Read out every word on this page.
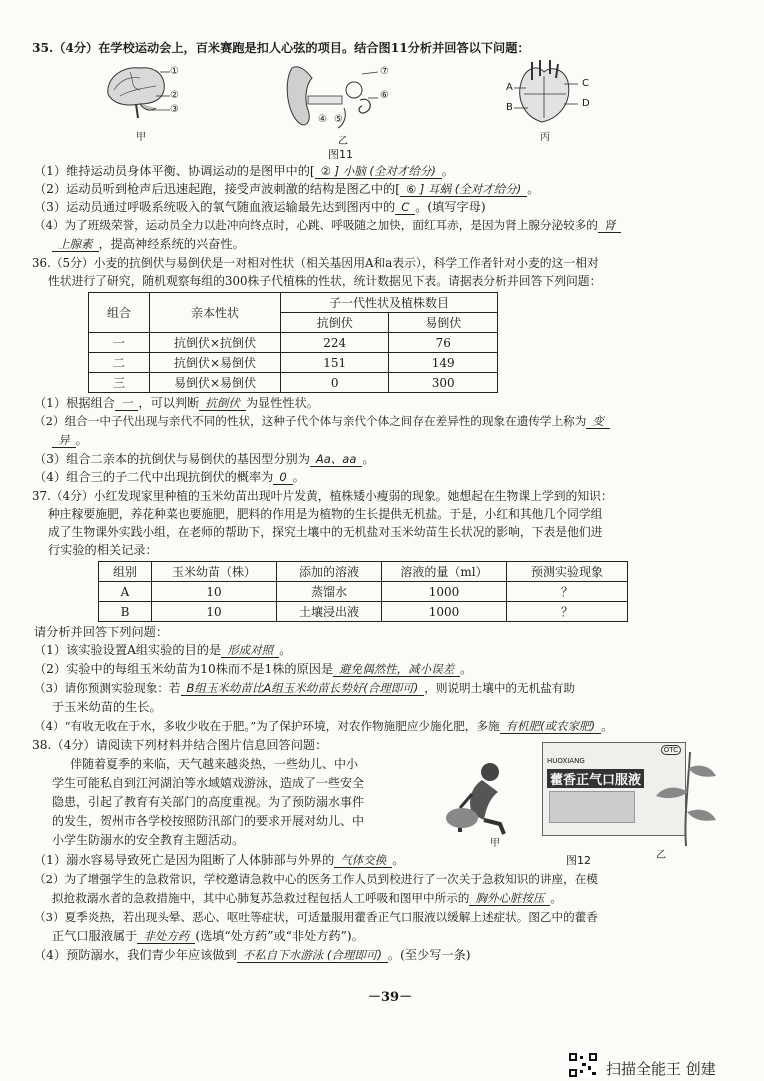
35.（4分）在学校运动会上，百米赛跑是扣人心弦的项目。结合图11分析并回答以下问题：
①
②
③
甲
⑦
⑥
④ ⑤
乙
A
B
C
D
丙
图11
（1）维持运动员身体平衡、协调运动的是图甲中的[ ② ] 小脑 (全对才给分) 。
（2）运动员听到枪声后迅速起跑，接受声波刺激的结构是图乙中的[ ⑥ ] 耳蜗 (全对才给分) 。
（3）运动员通过呼吸系统吸入的氧气随血液运输最先达到图丙中的 C 。(填写字母)
（4）为了班级荣誉，运动员全力以赴冲向终点时，心跳、呼吸随之加快，面红耳赤，是因为肾上腺分泌较多的 肾
上腺素 ，提高神经系统的兴奋性。
36.（5分）小麦的抗倒伏与易倒伏是一对相对性状（相关基因用A和a表示），科学工作者针对小麦的这一相对
性状进行了研究，随机观察每组的300株子代植株的性状，统计数据见下表。请据表分析并回答下列问题：
组合	亲本性状	子一代性状及植株数目	
		抗倒伏	易倒伏
一	抗倒伏×抗倒伏	224	76
二	抗倒伏×易倒伏	151	149
三	易倒伏×易倒伏	0	300
（1）根据组合 一 ，可以判断 抗倒伏 为显性性状。
（2）组合一中子代出现与亲代不同的性状，这种子代个体与亲代个体之间存在差异性的现象在遗传学上称为 变
异 。
（3）组合二亲本的抗倒伏与易倒伏的基因型分别为 Aa、aa 。
（4）组合三的子二代中出现抗倒伏的概率为 0 。
37.（4分）小红发现家里种植的玉米幼苗出现叶片发黄，植株矮小瘦弱的现象。她想起在生物课上学到的知识：
种庄稼要施肥，养花种菜也要施肥，肥料的作用是为植物的生长提供无机盐。于是，小红和其他几个同学组
成了生物课外实践小组，在老师的帮助下，探究土壤中的无机盐对玉米幼苗生长状况的影响，下表是他们进
行实验的相关记录：
组别	玉米幼苗（株）	添加的溶液	溶液的量（ml）	预测实验现象
A	10	蒸馏水	1000	？
B	10	土壤浸出液	1000	？
请分析并回答下列问题：
（1）该实验设置A组实验的目的是 形成对照 。
（2）实验中的每组玉米幼苗为10株而不是1株的原因是 避免偶然性，减小误差 。
（3）请你预测实验现象：若 B组玉米幼苗比A组玉米幼苗长势好(合理即可) ，则说明土壤中的无机盐有助
于玉米幼苗的生长。
（4）“有收无收在于水，多收少收在于肥。”为了保护环境，对农作物施肥应少施化肥，多施 有机肥(或农家肥) 。
38.（4分）请阅读下列材料并结合图片信息回答问题：
伴随着夏季的来临，天气越来越炎热，一些幼儿、中小
学生可能私自到江河湖泊等水域嬉戏游泳，造成了一些安全
隐患，引起了教育有关部门的高度重视。为了预防溺水事件
的发生，贺州市各学校按照防汛部门的要求开展对幼儿、中
小学生防溺水的安全教育主题活动。	甲
HUOXIANG
OTC
藿香正气口服液
乙
图12
（1）溺水容易导致死亡是因为阻断了人体肺部与外界的 气体交换 。
（2）为了增强学生的急救常识，学校邀请急救中心的医务工作人员到校进行了一次关于急救知识的讲座，在模
拟抢救溺水者的急救措施中，其中心肺复苏急救过程包括人工呼吸和图甲中所示的 胸外心脏按压 。
（3）夏季炎热，若出现头晕、恶心、呕吐等症状，可适量服用藿香正气口服液以缓解上述症状。图乙中的藿香
正气口服液属于 非处方药 (选填“处方药”或“非处方药”)。
（4）预防溺水，我们青少年应该做到 不私自下水游泳 (合理即可) 。(至少写一条)
－39－
扫描全能王 创建
